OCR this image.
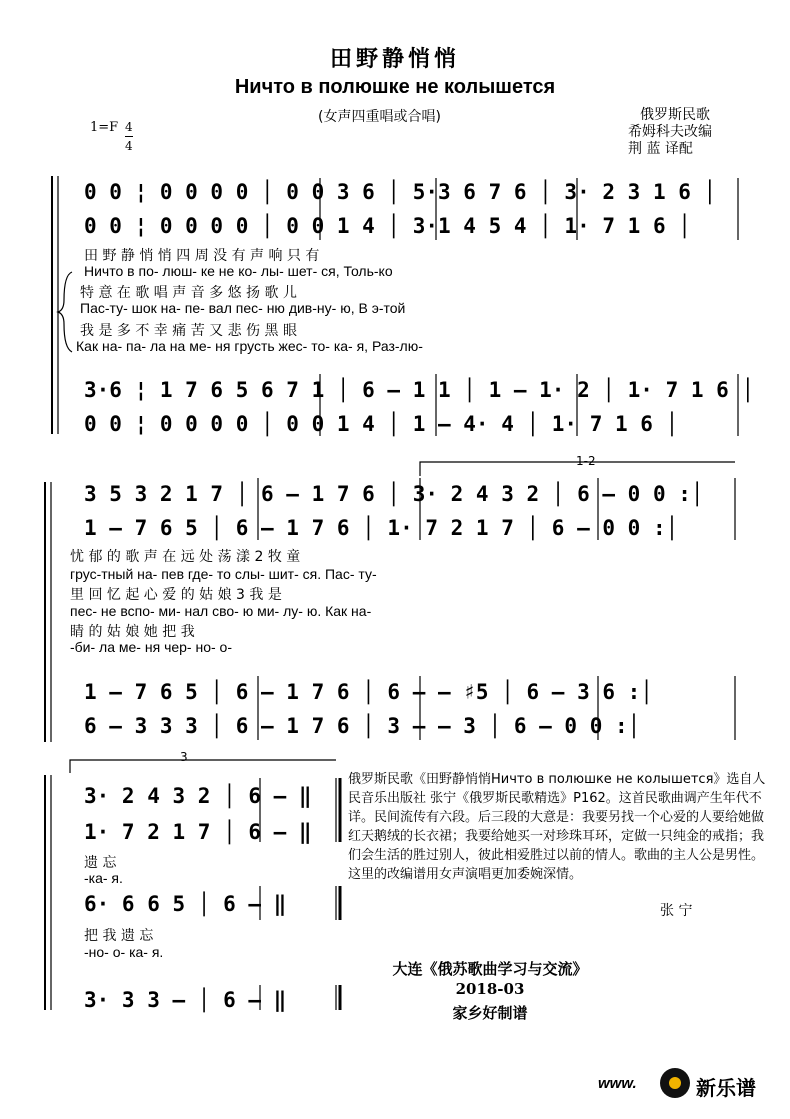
田野静悄悄
Ничто в полюшке не колышется
(女声四重唱或合唱)	俄罗斯民歌
希姆科夫改编
荆 蓝 译配
1=F 4
4
0 0 ¦ 0 0 0 0 │ 0 0 3 6 │ 5·3 6 7 6 │ 3· 2 3 1 6 │
0 0 ¦ 0 0 0 0 │ 0 0 1 4 │ 3·1 4 5 4 │ 1· 7 1 6 │
田 野 静 悄 悄 四 周 没 有 声 响 只 有
Ничто в по- люш- ке не ко- лы- шет- ся, Толь-ко
特 意 在 歌 唱 声 音 多 悠 扬 歌 儿
Пас-ту- шок на- пе- вал пес- ню див-ну- ю, В э-той
我 是 多 不 幸 痛 苦 又 悲 伤 黑 眼
Как на- па- ла на ме- ня грусть жес- то- ка- я, Раз-лю-
3·6 ¦ 1 7 6 5 6 7 1 │ 6 – 1 1 │ 1 – 1· 2 │ 1· 7 1 6 │
0 0 ¦ 0 0 0 0 │ 0 0 1 4 │ 1 – 4· 4 │ 1· 7 1 6 │
1-2
3 5 3 2 1 7 │ 6 – 1 7 6 │ 3· 2 4 3 2 │ 6 – 0 0 :│
1 – 7 6 5 │ 6 – 1 7 6 │ 1· 7 2 1 7 │ 6 – 0 0 :│
忧 郁 的 歌 声 在 远 处 荡 漾 2 牧 童
грус-тный на- пев где- то слы- шит- ся. Пас- ту-
里 回 忆 起 心 爱 的 姑 娘 3 我 是
пес- не вспо- ми- нал сво- ю ми- лу- ю. Как на-
睛 的 姑 娘 她 把 我
-би- ла ме- ня чер- но- о-
1 – 7 6 5 │ 6 – 1 7 6 │ 6 – – ♯5 │ 6 – 3 6 :│
6 – 3 3 3 │ 6 – 1 7 6 │ 3 – – 3 │ 6 – 0 0 :│
3
3· 2 4 3 2 │ 6 – ‖
1· 7 2 1 7 │ 6 – ‖
遗 忘
-ка- я.
6· 6 6 5 │ 6 – ‖
把 我 遗 忘
-но- о- ка- я.
3· 3 3 – │ 6 – ‖
俄罗斯民歌《田野静悄悄Ничто в полюшке не колышется》选自人民音乐出版社 张宁《俄罗斯民歌精选》P162。这首民歌曲调产生年代不详。民间流传有六段。后三段的大意是：我要另找一个心爱的人要给她做红天鹅绒的长衣裙；我要给她买一对珍珠耳环，定做一只纯金的戒指；我们会生活的胜过别人，彼此相爱胜过以前的情人。歌曲的主人公是男性。这里的改编谱用女声演唱更加委婉深情。
张 宁
大连《俄苏歌曲学习与交流》
2018-03
家乡好制谱
www.	新乐谱
